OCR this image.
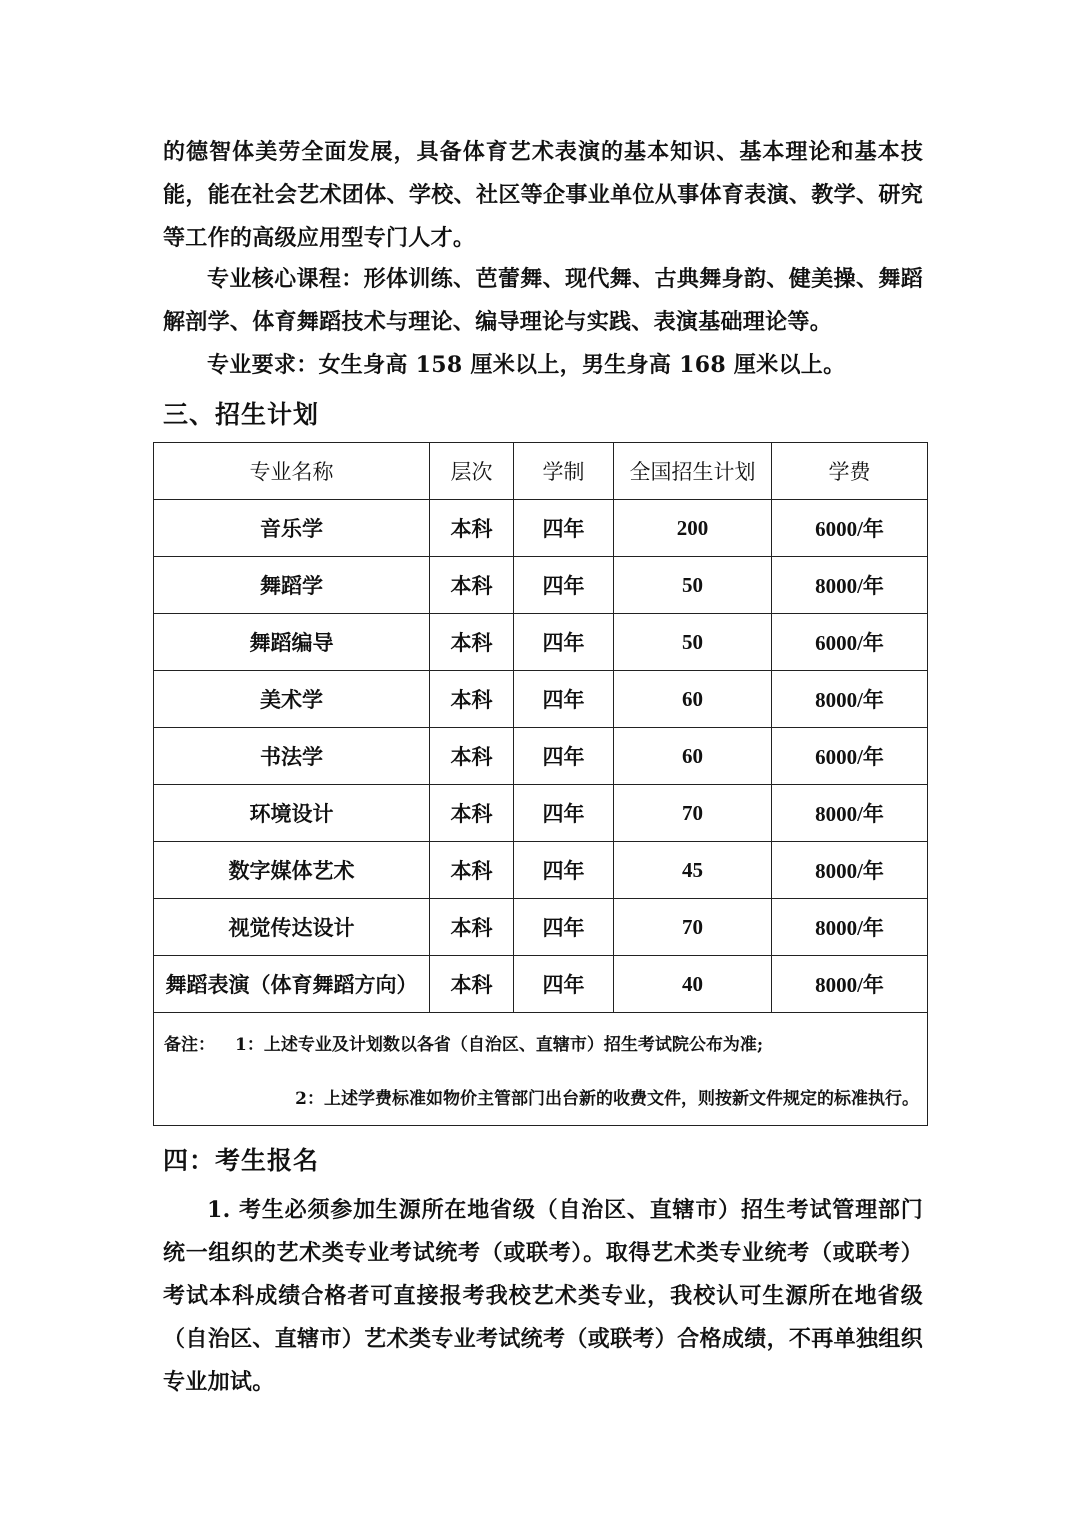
的德智体美劳全面发展，具备体育艺术表演的基本知识、基本理论和基本技能，能在社会艺术团体、学校、社区等企事业单位从事体育表演、教学、研究等工作的高级应用型专门人才。

专业核心课程：形体训练、芭蕾舞、现代舞、古典舞身韵、健美操、舞蹈解剖学、体育舞蹈技术与理论、编导理论与实践、表演基础理论等。

专业要求：女生身高 158 厘米以上，男生身高 168 厘米以上。

三、招生计划
专业名称	层次	学制	全国招生计划	学费
音乐学	本科	四年	200	6000/年
舞蹈学	本科	四年	50	8000/年
舞蹈编导	本科	四年	50	6000/年
美术学	本科	四年	60	8000/年
书法学	本科	四年	60	6000/年
环境设计	本科	四年	70	8000/年
数字媒体艺术	本科	四年	45	8000/年
视觉传达设计	本科	四年	70	8000/年
舞蹈表演（体育舞蹈方向）	本科	四年	40	8000/年

备注： 1：上述专业及计划数以各省（自治区、直辖市）招生考试院公布为准;
2：上述学费标准如物价主管部门出台新的收费文件，则按新文件规定的标准执行。				
四：考生报名

1. 考生必须参加生源所在地省级（自治区、直辖市）招生考试管理部门统一组织的艺术类专业考试统考（或联考）。取得艺术类专业统考（或联考）考试本科成绩合格者可直接报考我校艺术类专业，我校认可生源所在地省级（自治区、直辖市）艺术类专业考试统考（或联考）合格成绩，不再单独组织专业加试。
